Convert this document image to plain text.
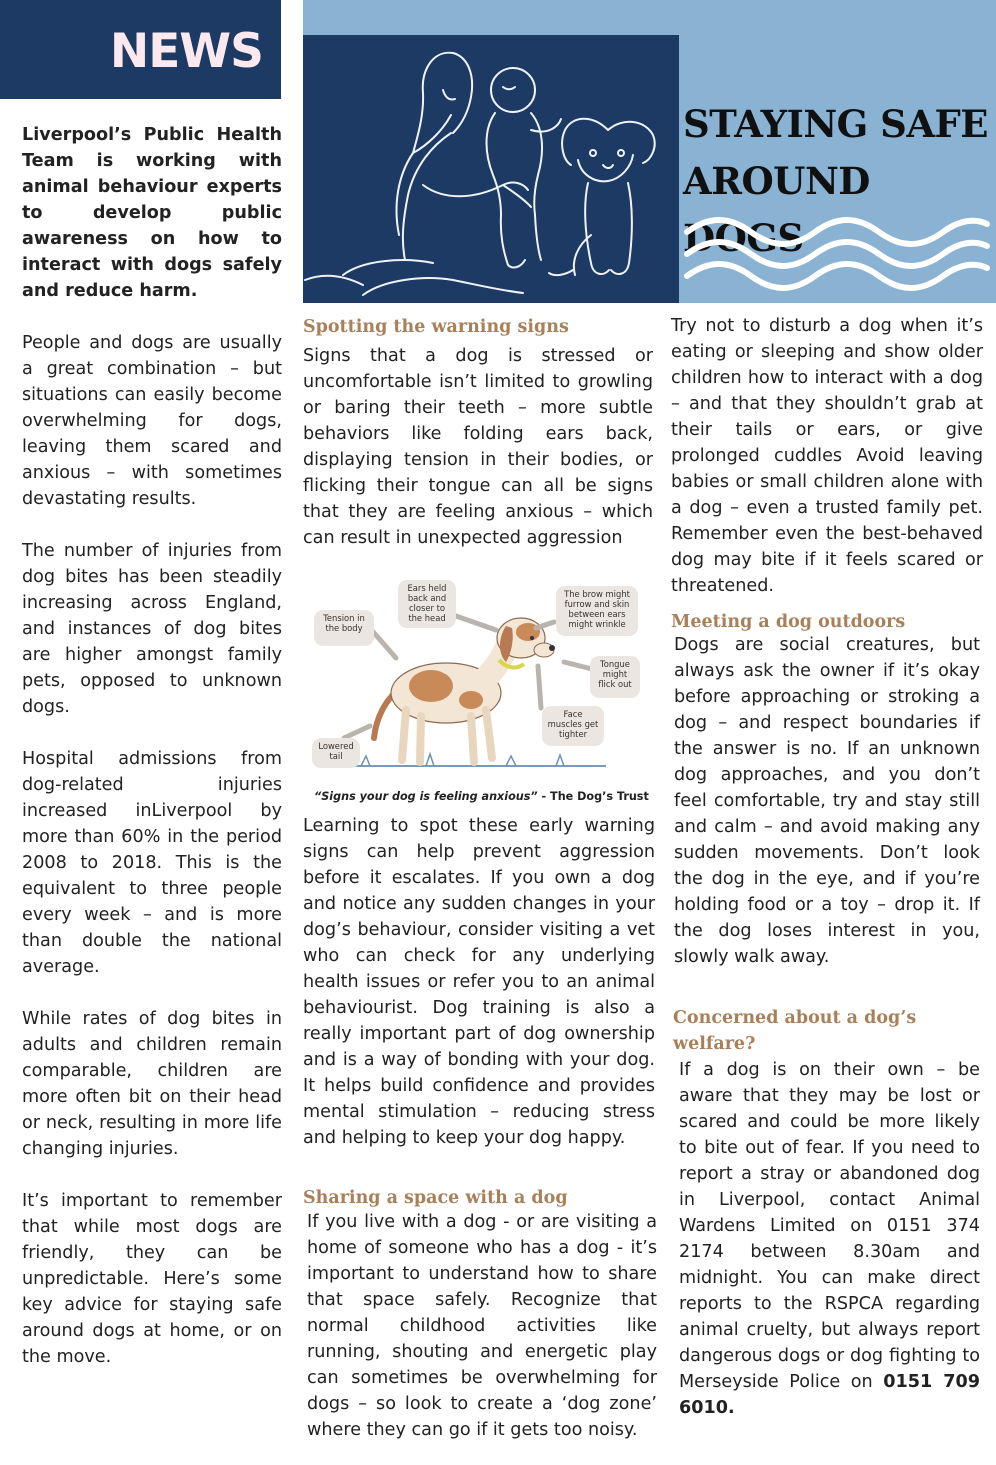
NEWS
STAYING SAFE
AROUND DOGS

Liverpool’s Public Health Team is working with animal behaviour experts to develop public awareness on how to interact with dogs safely and reduce harm.

People and dogs are usually a great combination – but situations can easily become overwhelming for dogs, leaving them scared and anxious – with sometimes devastating results.

The number of injuries from dog bites has been steadily increasing across England, and instances of dog bites are higher amongst family pets, opposed to unknown dogs.

Hospital admissions from dog-related injuries increased inLiverpool by more than 60% in the period 2008 to 2018. This is the equivalent to three people every week – and is more than double the national average.

While rates of dog bites in adults and children remain comparable, children are more often bit on their head or neck, resulting in more life changing injuries.

It’s important to remember that while most dogs are friendly, they can be unpredictable. Here’s some key advice for staying safe around dogs at home, or on the move.

Spotting the warning signs

Signs that a dog is stressed or uncomfortable isn’t limited to growling or baring their teeth – more subtle behaviors like folding ears back, displaying tension in their bodies, or flicking their tongue can all be signs that they are feeling anxious – which can result in unexpected aggression

Tension in the body
Ears held back and closer to the head
The brow might furrow and skin between ears might wrinkle
Tongue might flick out
Face muscles get tighter
Lowered tail
“Signs your dog is feeling anxious” - The Dog’s Trust

Learning to spot these early warning signs can help prevent aggression before it escalates. If you own a dog and notice any sudden changes in your dog’s behaviour, consider visiting a vet who can check for any underlying health issues or refer you to an animal behaviourist. Dog training is also a really important part of dog ownership and is a way of bonding with your dog. It helps build confidence and provides mental stimulation – reducing stress and helping to keep your dog happy.

Sharing a space with a dog

If you live with a dog - or are visiting a home of someone who has a dog - it’s important to understand how to share that space safely. Recognize that normal childhood activities like running, shouting and energetic play can sometimes be overwhelming for dogs – so look to create a ‘dog zone’ where they can go if it gets too noisy.

Try not to disturb a dog when it’s eating or sleeping and show older children how to interact with a dog – and that they shouldn’t grab at their tails or ears, or give prolonged cuddles Avoid leaving babies or small children alone with a dog – even a trusted family pet. Remember even the best-behaved dog may bite if it feels scared or threatened.

Meeting a dog outdoors

Dogs are social creatures, but always ask the owner if it’s okay before approaching or stroking a dog – and respect boundaries if the answer is no. If an unknown dog approaches, and you don’t feel comfortable, try and stay still and calm – and avoid making any sudden movements. Don’t look the dog in the eye, and if you’re holding food or a toy – drop it. If the dog loses interest in you, slowly walk away.

Concerned about a dog’s welfare?

If a dog is on their own – be aware that they may be lost or scared and could be more likely to bite out of fear. If you need to report a stray or abandoned dog in Liverpool, contact Animal Wardens Limited on 0151 374 2174 between 8.30am and midnight. You can make direct reports to the RSPCA regarding animal cruelty, but always report dangerous dogs or dog fighting to Merseyside Police on 0151 709 6010.
